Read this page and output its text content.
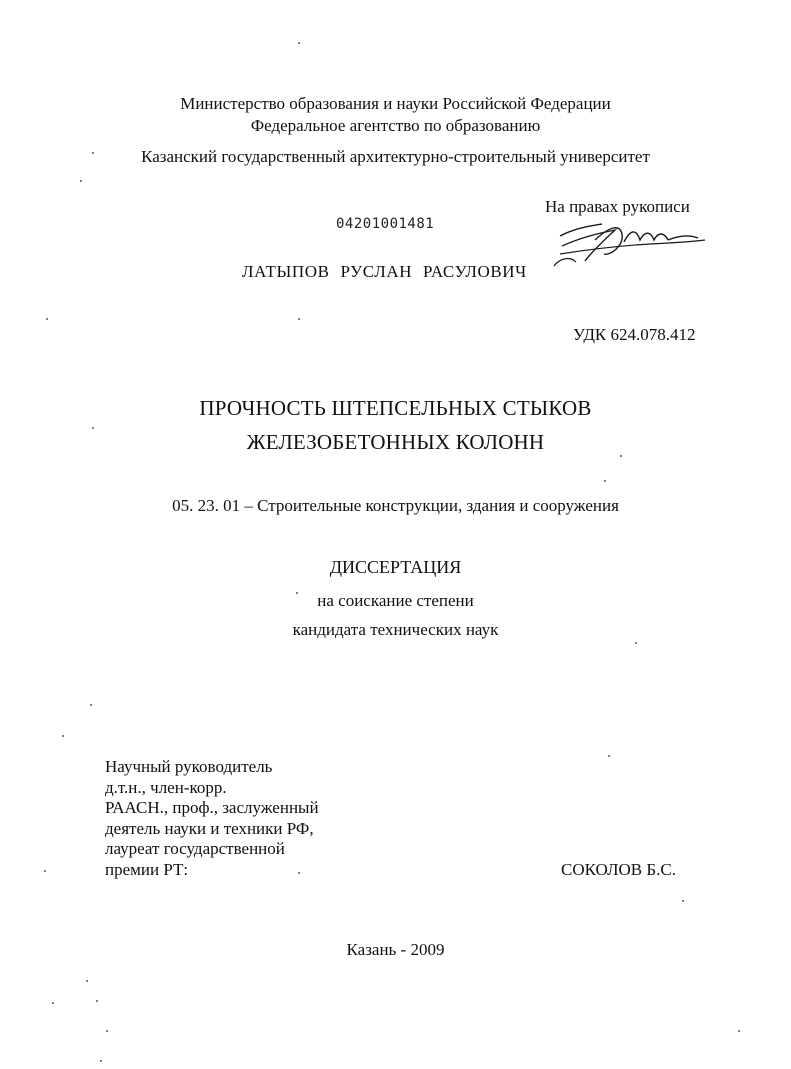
Министерство образования и науки Российской Федерации
Федеральное агентство по образованию
Казанский государственный архитектурно-строительный университет
На правах рукописи
04201001481
ЛАТЫПОВ РУСЛАН РАСУЛОВИЧ
УДК 624.078.412
ПРОЧНОСТЬ ШТЕПСЕЛЬНЫХ СТЫКОВ
ЖЕЛЕЗОБЕТОННЫХ КОЛОНН
05. 23. 01 – Строительные конструкции, здания и сооружения
ДИССЕРТАЦИЯ
на соискание степени
кандидата технических наук
Научный руководитель
д.т.н., член-корр.
РААСН., проф., заслуженный
деятель науки и техники РФ,
лауреат государственной
премии РТ:	СОКОЛОВ Б.С.
Казань - 2009
